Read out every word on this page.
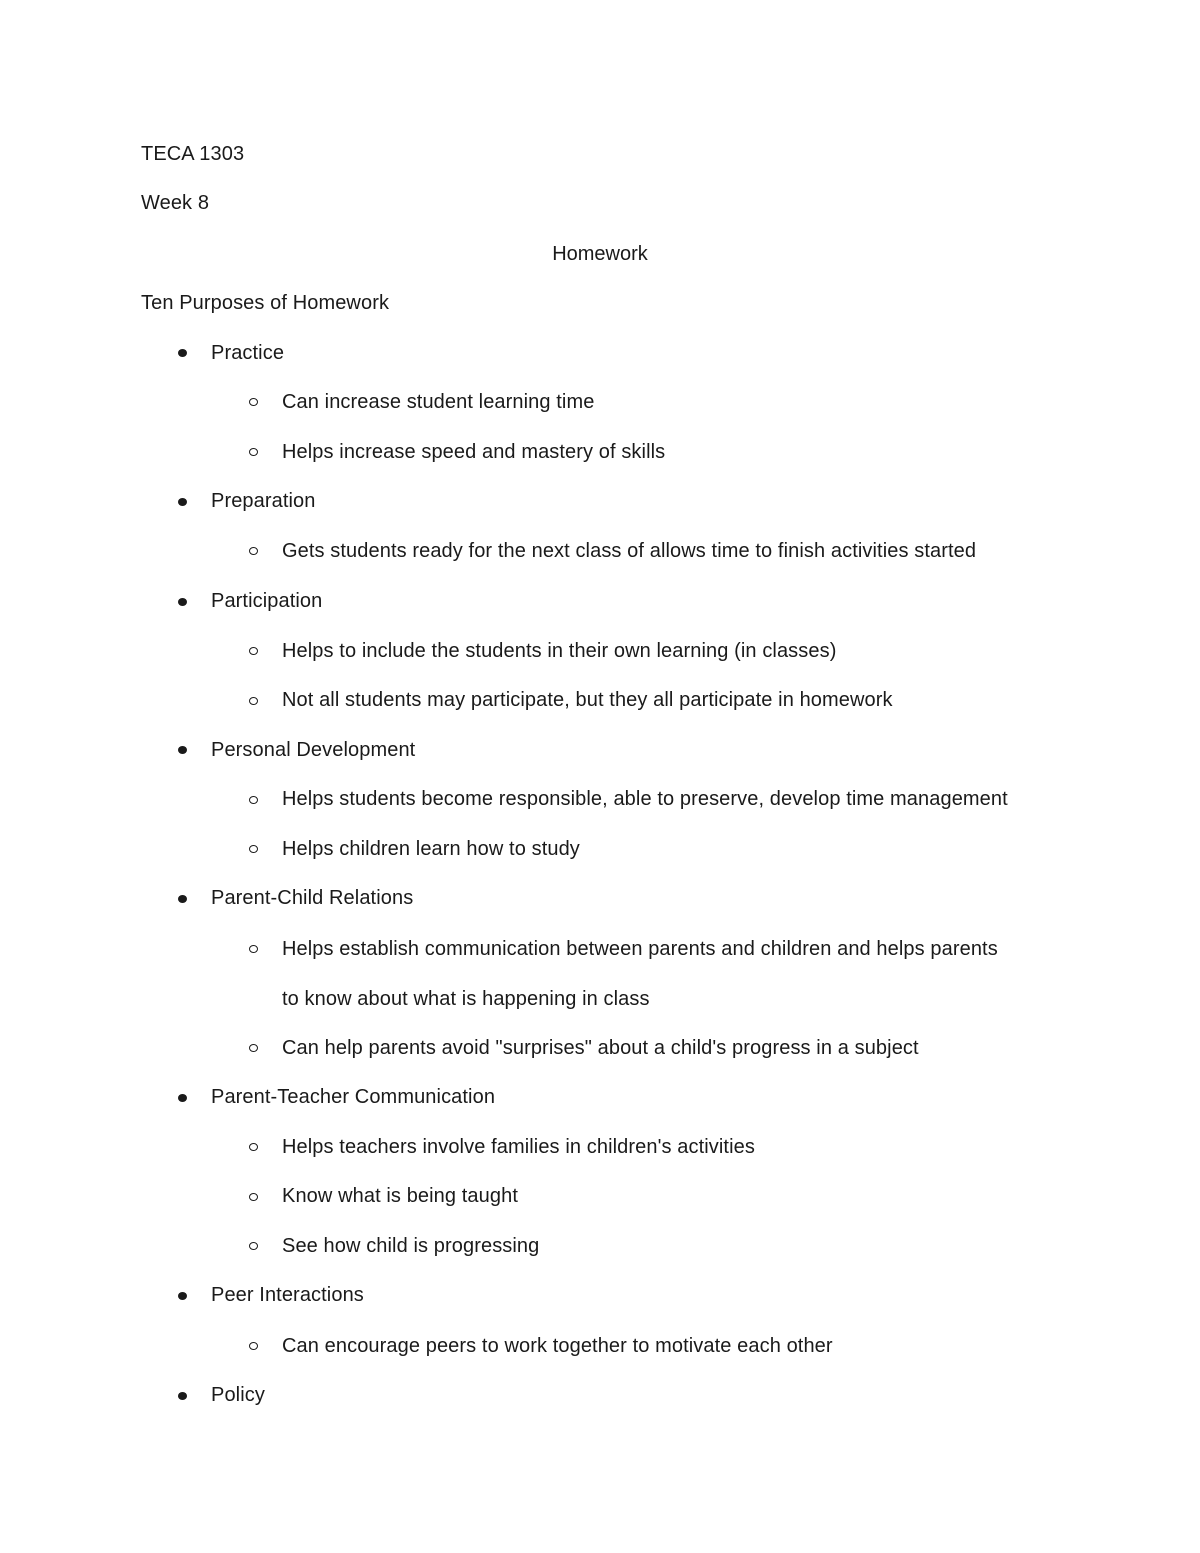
TECA 1303
Week 8
Homework
Ten Purposes of Homework
Practice
Can increase student learning time
Helps increase speed and mastery of skills
Preparation
Gets students ready for the next class of allows time to finish activities started
Participation
Helps to include the students in their own learning (in classes)
Not all students may participate, but they all participate in homework
Personal Development
Helps students become responsible, able to preserve, develop time management
Helps children learn how to study
Parent-Child Relations
Helps establish communication between parents and children and helps parents
to know about what is happening in class
Can help parents avoid "surprises" about a child's progress in a subject
Parent-Teacher Communication
Helps teachers involve families in children's activities
Know what is being taught
See how child is progressing
Peer Interactions
Can encourage peers to work together to motivate each other
Policy
